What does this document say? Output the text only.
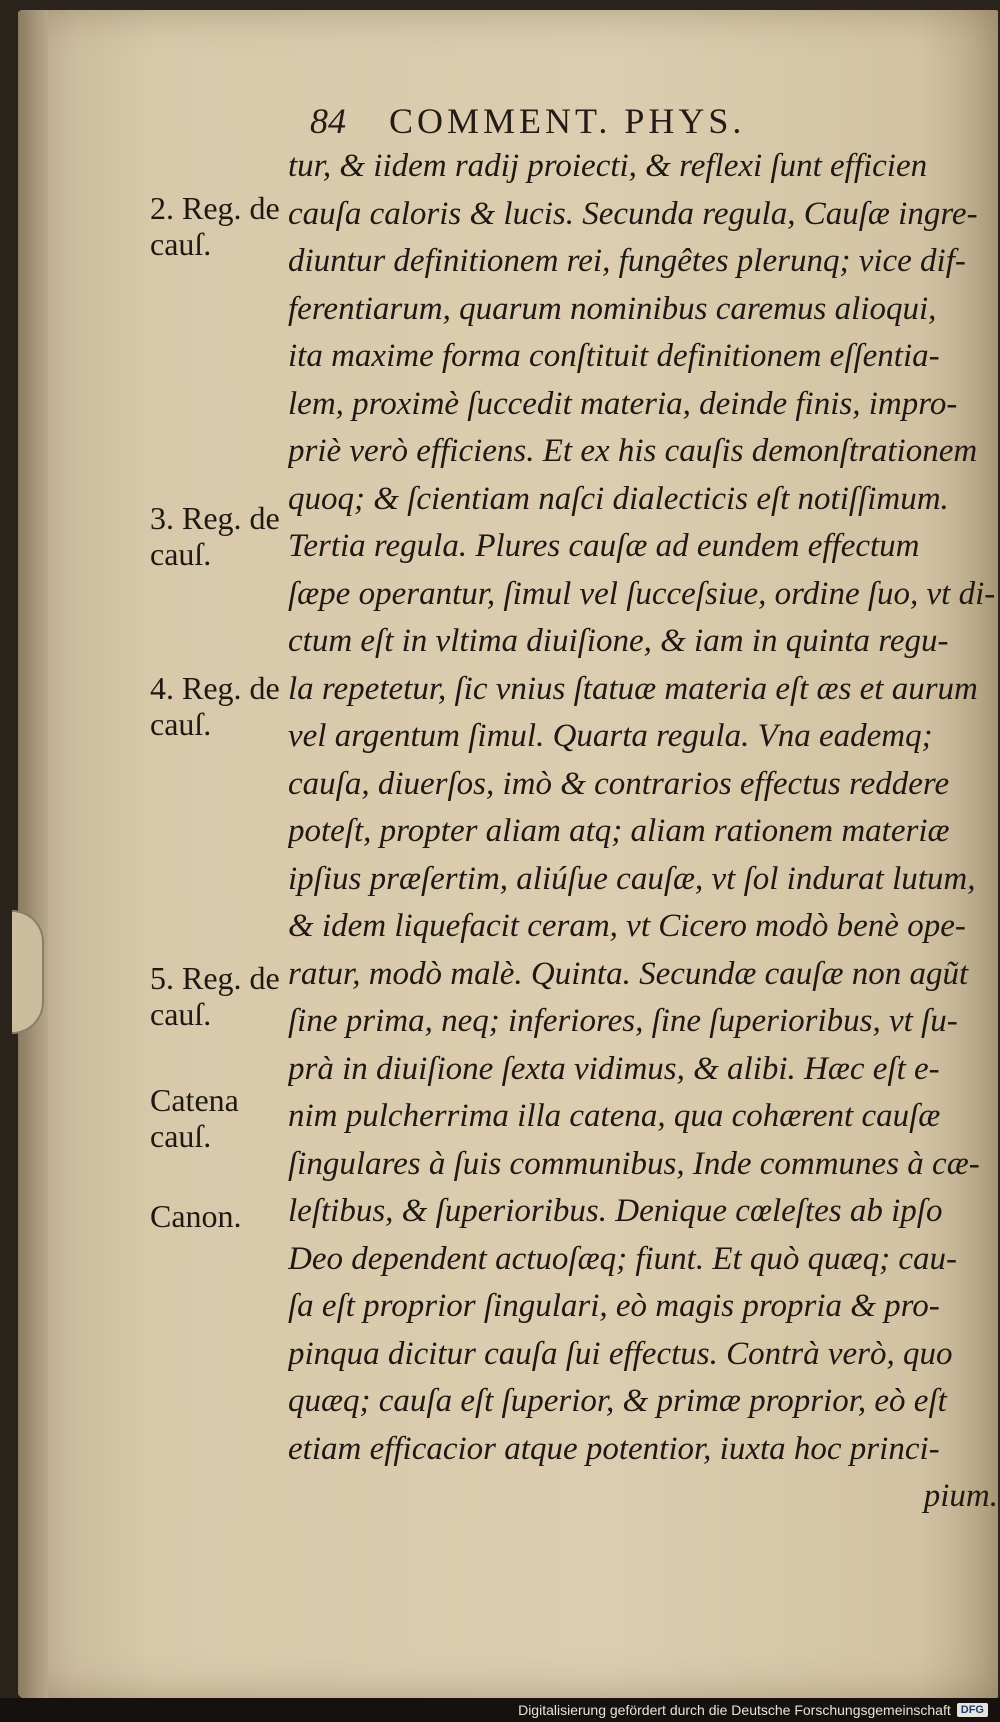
84 COMMENT. PHYS.
2. Reg. de
cauſ.
3. Reg. de
cauſ.
4. Reg. de
cauſ.
5. Reg. de
cauſ.
Catena
cauſ.
Canon.
tur, & iidem radij proiecti, & reflexi ſunt efficien
cauſa caloris & lucis. Secunda regula, Cauſæ ingre-
diuntur definitionem rei, fungêtes plerunq; vice dif-
ferentiarum, quarum nominibus caremus alioqui,
ita maxime forma conſtituit definitionem eſſentia-
lem, proximè ſuccedit materia, deinde finis, impro-
priè verò efficiens. Et ex his cauſis demonſtrationem
quoq; & ſcientiam naſci dialecticis eſt notiſſimum.
Tertia regula. Plures cauſæ ad eundem effectum
ſæpe operantur, ſimul vel ſucceſsiue, ordine ſuo, vt di-
ctum eſt in vltima diuiſione, & iam in quinta regu-
la repetetur, ſic vnius ſtatuæ materia eſt æs et aurum
vel argentum ſimul. Quarta regula. Vna eademq;
cauſa, diuerſos, imò & contrarios effectus reddere
poteſt, propter aliam atq; aliam rationem materiæ
ipſius præſertim, aliúſue cauſæ, vt ſol indurat lutum,
& idem liquefacit ceram, vt Cicero modò benè ope-
ratur, modò malè. Quinta. Secundæ cauſæ non agũt
ſine prima, neq; inferiores, ſine ſuperioribus, vt ſu-
prà in diuiſione ſexta vidimus, & alibi. Hæc eſt e-
nim pulcherrima illa catena, qua cohærent cauſæ
ſingulares à ſuis communibus, Inde communes à cæ-
leſtibus, & ſuperioribus. Denique cœleſtes ab ipſo
Deo dependent actuoſæq; fiunt. Et quò quæq; cau-
ſa eſt proprior ſingulari, eò magis propria & pro-
pinqua dicitur cauſa ſui effectus. Contrà verò, quo
quæq; cauſa eſt ſuperior, & primæ proprior, eò eſt
etiam efficacior atque potentior, iuxta hoc princi-
pium.
Digitalisierung gefördert durch die Deutsche Forschungsgemeinschaft DFG
